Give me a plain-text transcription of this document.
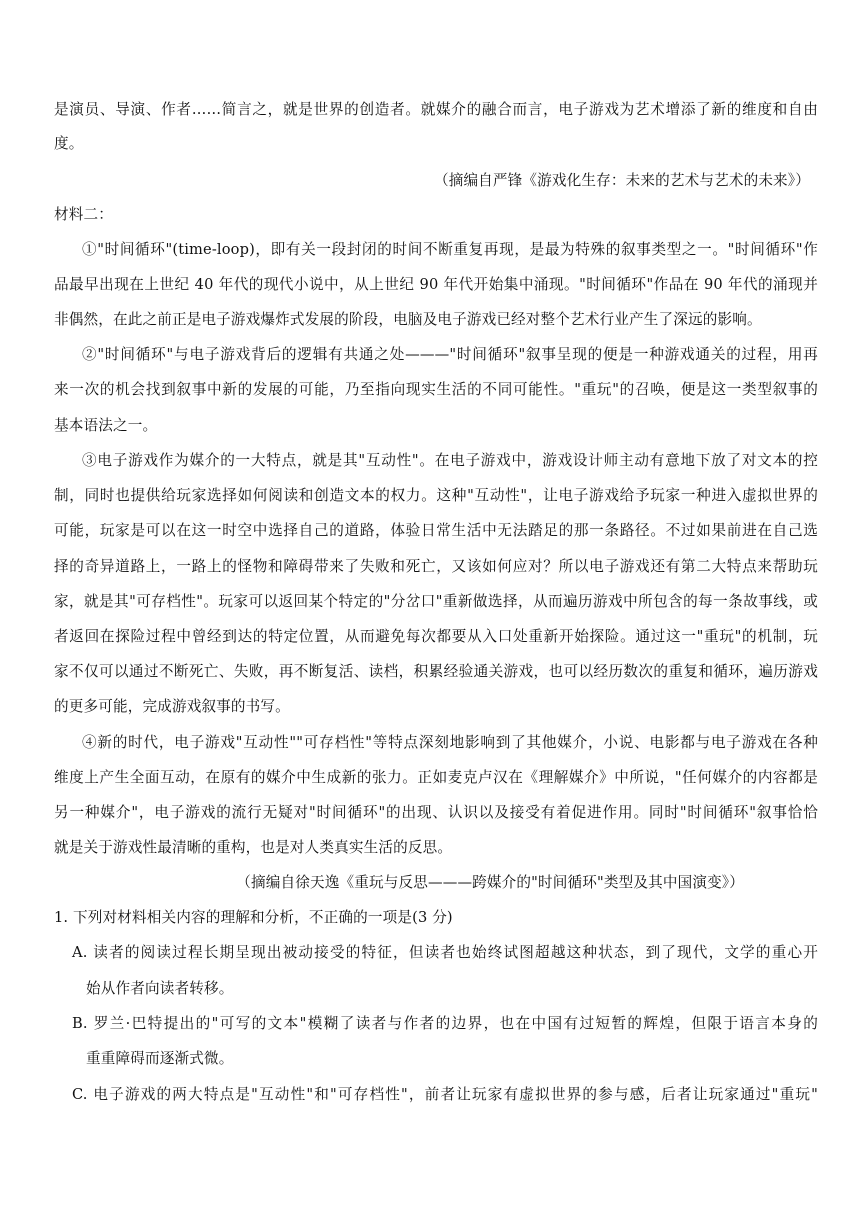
是演员、导演、作者……简言之，就是世界的创造者。就媒介的融合而言，电子游戏为艺术增添了新的维度和自由
度。
（摘编自严锋《游戏化生存：未来的艺术与艺术的未来》）
材料二：
①"时间循环"(time-loop)，即有关一段封闭的时间不断重复再现，是最为特殊的叙事类型之一。"时间循环"作
品最早出现在上世纪 40 年代的现代小说中，从上世纪 90 年代开始集中涌现。"时间循环"作品在 90 年代的涌现并
非偶然，在此之前正是电子游戏爆炸式发展的阶段，电脑及电子游戏已经对整个艺术行业产生了深远的影响。
②"时间循环"与电子游戏背后的逻辑有共通之处———"时间循环"叙事呈现的便是一种游戏通关的过程，用再
来一次的机会找到叙事中新的发展的可能，乃至指向现实生活的不同可能性。"重玩"的召唤，便是这一类型叙事的
基本语法之一。
③电子游戏作为媒介的一大特点，就是其"互动性"。在电子游戏中，游戏设计师主动有意地下放了对文本的控
制，同时也提供给玩家选择如何阅读和创造文本的权力。这种"互动性"，让电子游戏给予玩家一种进入虚拟世界的
可能，玩家是可以在这一时空中选择自己的道路，体验日常生活中无法踏足的那一条路径。不过如果前进在自己选
择的奇异道路上，一路上的怪物和障碍带来了失败和死亡，又该如何应对？所以电子游戏还有第二大特点来帮助玩
家，就是其"可存档性"。玩家可以返回某个特定的"分岔口"重新做选择，从而遍历游戏中所包含的每一条故事线，或
者返回在探险过程中曾经到达的特定位置，从而避免每次都要从入口处重新开始探险。通过这一"重玩"的机制，玩
家不仅可以通过不断死亡、失败，再不断复活、读档，积累经验通关游戏，也可以经历数次的重复和循环，遍历游戏
的更多可能，完成游戏叙事的书写。
④新的时代，电子游戏"互动性""可存档性"等特点深刻地影响到了其他媒介，小说、电影都与电子游戏在各种
维度上产生全面互动，在原有的媒介中生成新的张力。正如麦克卢汉在《理解媒介》中所说，"任何媒介的内容都是
另一种媒介"，电子游戏的流行无疑对"时间循环"的出现、认识以及接受有着促进作用。同时"时间循环"叙事恰恰
就是关于游戏性最清晰的重构，也是对人类真实生活的反思。
（摘编自徐天逸《重玩与反思———跨媒介的"时间循环"类型及其中国演变》）
1. 下列对材料相关内容的理解和分析，不正确的一项是(3 分)
A. 读者的阅读过程长期呈现出被动接受的特征，但读者也始终试图超越这种状态，到了现代，文学的重心开
始从作者向读者转移。
B. 罗兰·巴特提出的"可写的文本"模糊了读者与作者的边界，也在中国有过短暂的辉煌，但限于语言本身的
重重障碍而逐渐式微。
C. 电子游戏的两大特点是"互动性"和"可存档性"，前者让玩家有虚拟世界的参与感，后者让玩家通过"重玩"
